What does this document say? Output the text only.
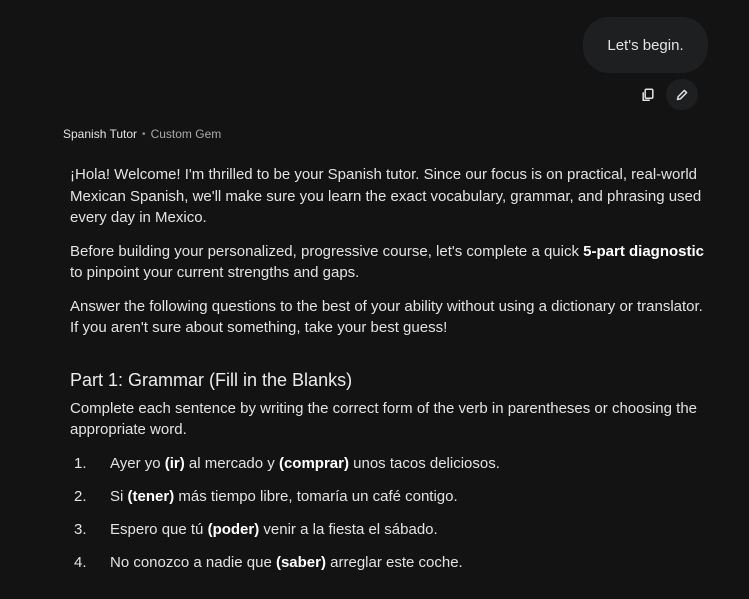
Let's begin.
Spanish Tutor • Custom Gem

¡Hola! Welcome! I'm thrilled to be your Spanish tutor. Since our focus is on practical, real-world Mexican Spanish, we'll make sure you learn the exact vocabulary, grammar, and phrasing used every day in Mexico.

Before building your personalized, progressive course, let's complete a quick 5-part diagnostic to pinpoint your current strengths and gaps.

Answer the following questions to the best of your ability without using a dictionary or translator. If you aren't sure about something, take your best guess!

Part 1: Grammar (Fill in the Blanks)

Complete each sentence by writing the correct form of the verb in parentheses or choosing the appropriate word.

1.	Ayer yo (ir) al mercado y (comprar) unos tacos deliciosos.
2.	Si (tener) más tiempo libre, tomaría un café contigo.
3.	Espero que tú (poder) venir a la fiesta el sábado.
4.	No conozco a nadie que (saber) arreglar este coche.
